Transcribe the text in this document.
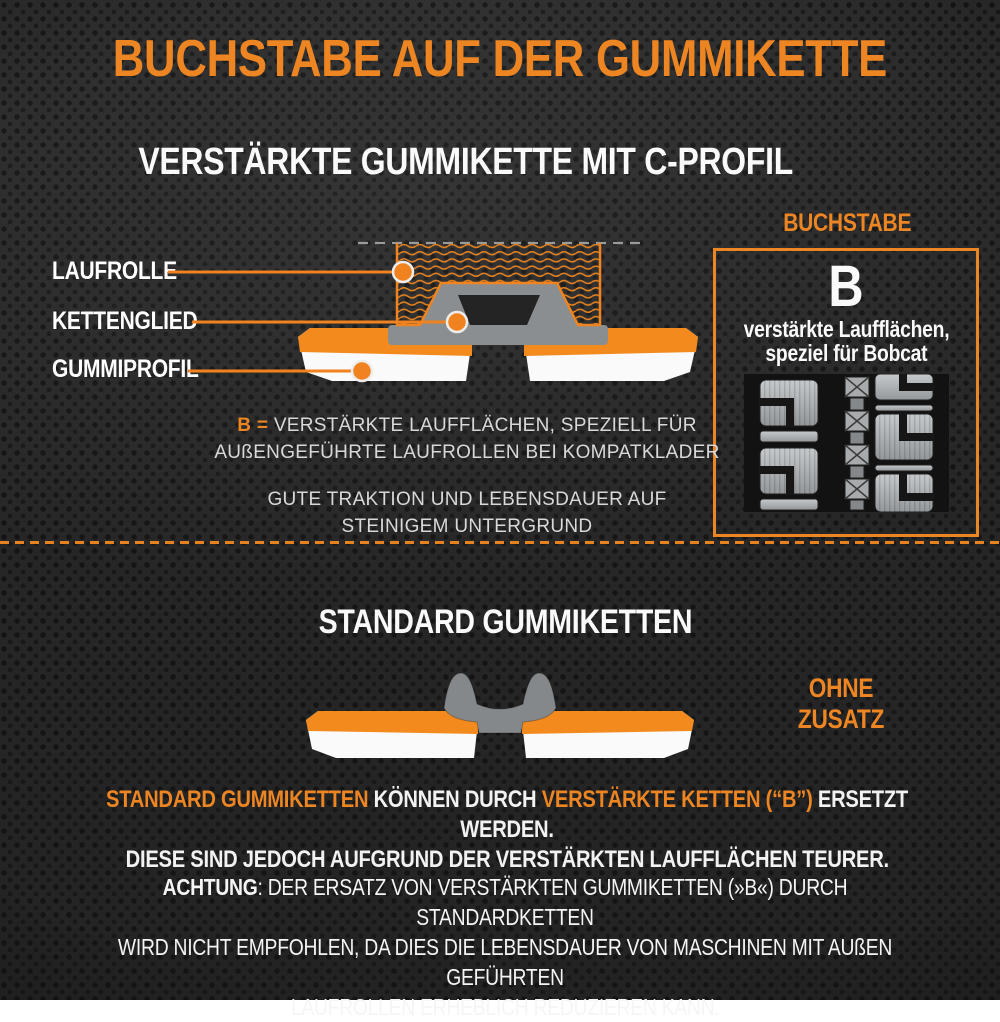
BUCHSTABE AUF DER GUMMIKETTE
VERSTÄRKTE GUMMIKETTE MIT C-PROFIL
LAUFROLLE
KETTENGLIED
GUMMIPROFIL
BUCHSTABE
B
verstärkte Laufflächen,
speziel für Bobcat
B = VERSTÄRKTE LAUFFLÄCHEN, SPEZIELL FÜR
AUßENGEFÜHRTE LAUFROLLEN BEI KOMPATKLADER
GUTE TRAKTION UND LEBENSDAUER AUF
STEINIGEM UNTERGRUND
STANDARD GUMMIKETTEN
OHNE ZUSATZ
STANDARD GUMMIKETTEN KÖNNEN DURCH VERSTÄRKTE KETTEN (“B”) ERSETZT WERDEN.
DIESE SIND JEDOCH AUFGRUND DER VERSTÄRKTEN LAUFFLÄCHEN TEURER.
ACHTUNG: DER ERSATZ VON VERSTÄRKTEN GUMMIKETTEN (»B«) DURCH STANDARDKETTEN
WIRD NICHT EMPFOHLEN, DA DIES DIE LEBENSDAUER VON MASCHINEN MIT AUßEN GEFÜHRTEN
LAUFROLLEN ERHEBLICH REDUZIEREN KANN.
